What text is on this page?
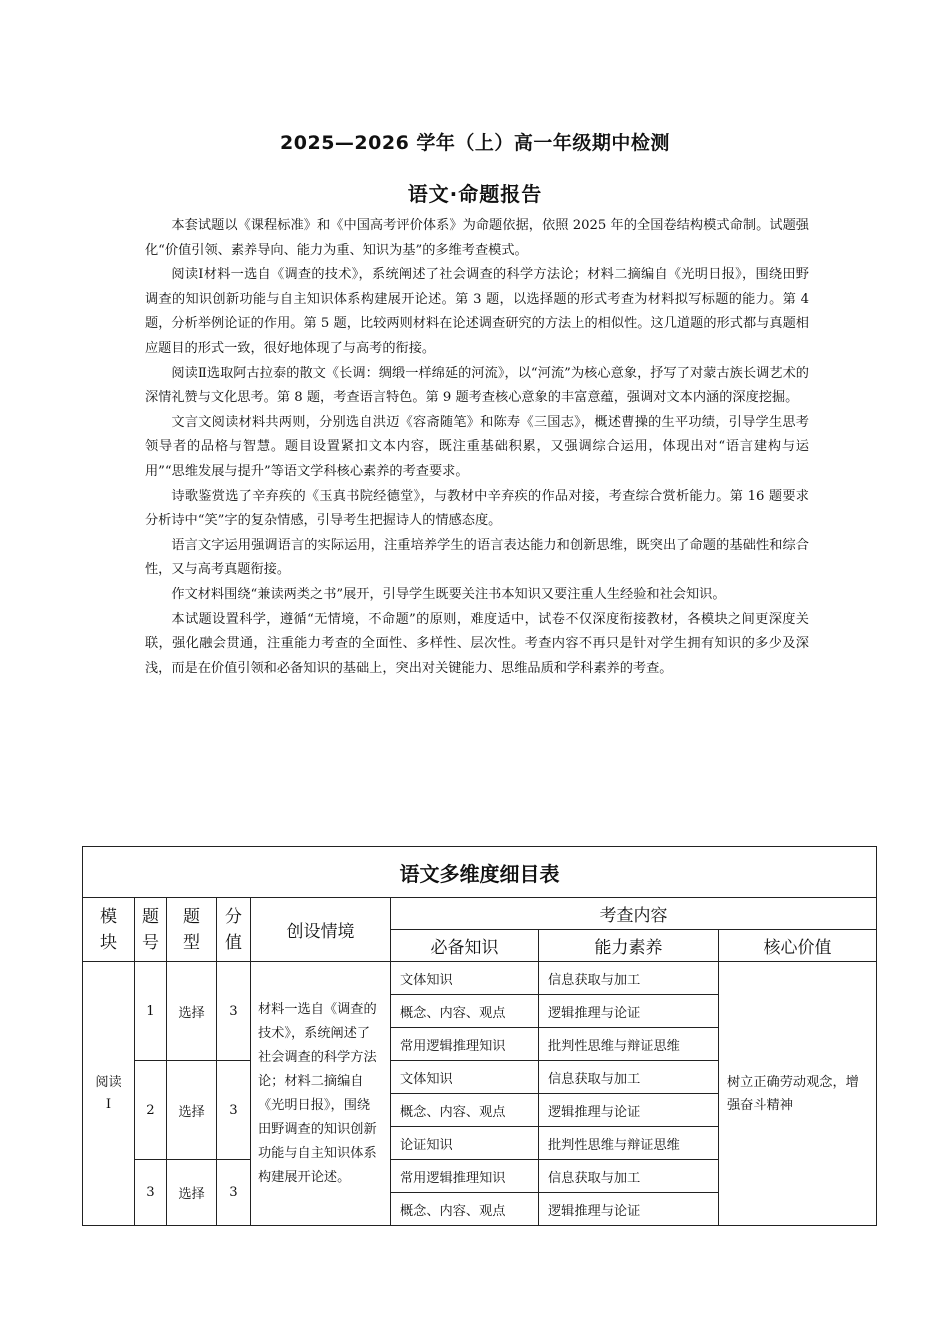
2025—2026 学年（上）高一年级期中检测
语文·命题报告

本套试题以《课程标准》和《中国高考评价体系》为命题依据，依照 2025 年的全国卷结构模式命制。试题强化“价值引领、素养导向、能力为重、知识为基”的多维考查模式。

阅读Ⅰ材料一选自《调查的技术》，系统阐述了社会调查的科学方法论；材料二摘编自《光明日报》，围绕田野调查的知识创新功能与自主知识体系构建展开论述。第 3 题，以选择题的形式考查为材料拟写标题的能力。第 4 题，分析举例论证的作用。第 5 题，比较两则材料在论述调查研究的方法上的相似性。这几道题的形式都与真题相应题目的形式一致，很好地体现了与高考的衔接。

阅读Ⅱ选取阿古拉泰的散文《长调：绸缎一样绵延的河流》，以“河流”为核心意象，抒写了对蒙古族长调艺术的深情礼赞与文化思考。第 8 题，考查语言特色。第 9 题考查核心意象的丰富意蕴，强调对文本内涵的深度挖掘。

文言文阅读材料共两则，分别选自洪迈《容斋随笔》和陈寿《三国志》，概述曹操的生平功绩，引导学生思考领导者的品格与智慧。题目设置紧扣文本内容，既注重基础积累，又强调综合运用，体现出对“语言建构与运用”“思维发展与提升”等语文学科核心素养的考查要求。

诗歌鉴赏选了辛弃疾的《玉真书院经德堂》，与教材中辛弃疾的作品对接，考查综合赏析能力。第 16 题要求分析诗中“笑”字的复杂情感，引导考生把握诗人的情感态度。

语言文字运用强调语言的实际运用，注重培养学生的语言表达能力和创新思维，既突出了命题的基础性和综合性，又与高考真题衔接。

作文材料围绕“兼读两类之书”展开，引导学生既要关注书本知识又要注重人生经验和社会知识。

本试题设置科学，遵循“无情境，不命题”的原则，难度适中，试卷不仅深度衔接教材，各模块之间更深度关联，强化融会贯通，注重能力考查的全面性、多样性、层次性。考查内容不再只是针对学生拥有知识的多少及深浅，而是在价值引领和必备知识的基础上，突出对关键能力、思维品质和学科素养的考查。

语文多维度细目表							
模块	题号	题型	分值	创设情境	考查内容		
					必备知识	能力素养	核心价值
阅读Ⅰ	1	选择	3	材料一选自《调查的技术》，系统阐述了社会调查的科学方法论；材料二摘编自《光明日报》，围绕田野调查的知识创新功能与自主知识体系构建展开论述。	文体知识	信息获取与加工	树立正确劳动观念，增强奋斗精神
					概念、内容、观点	逻辑推理与论证	
					常用逻辑推理知识	批判性思维与辩证思维	
	2	选择	3		文体知识	信息获取与加工	
					概念、内容、观点	逻辑推理与论证	
					论证知识	批判性思维与辩证思维	
	3	选择	3		常用逻辑推理知识	信息获取与加工	
					概念、内容、观点	逻辑推理与论证	
